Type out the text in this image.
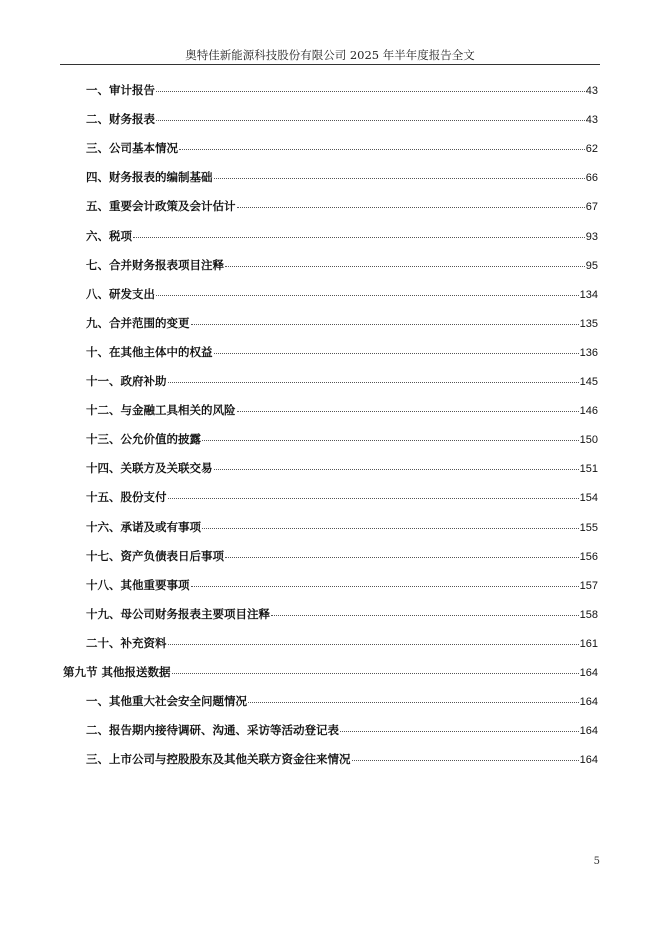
奥特佳新能源科技股份有限公司 2025 年半年度报告全文
一、审计报告	43
二、财务报表	43
三、公司基本情况	62
四、财务报表的编制基础	66
五、重要会计政策及会计估计	67
六、税项	93
七、合并财务报表项目注释	95
八、研发支出	134
九、合并范围的变更	135
十、在其他主体中的权益	136
十一、政府补助	145
十二、与金融工具相关的风险	146
十三、公允价值的披露	150
十四、关联方及关联交易	151
十五、股份支付	154
十六、承诺及或有事项	155
十七、资产负债表日后事项	156
十八、其他重要事项	157
十九、母公司财务报表主要项目注释	158
二十、补充资料	161
第九节 其他报送数据	164
一、其他重大社会安全问题情况	164
二、报告期内接待调研、沟通、采访等活动登记表	164
三、上市公司与控股股东及其他关联方资金往来情况	164
5
